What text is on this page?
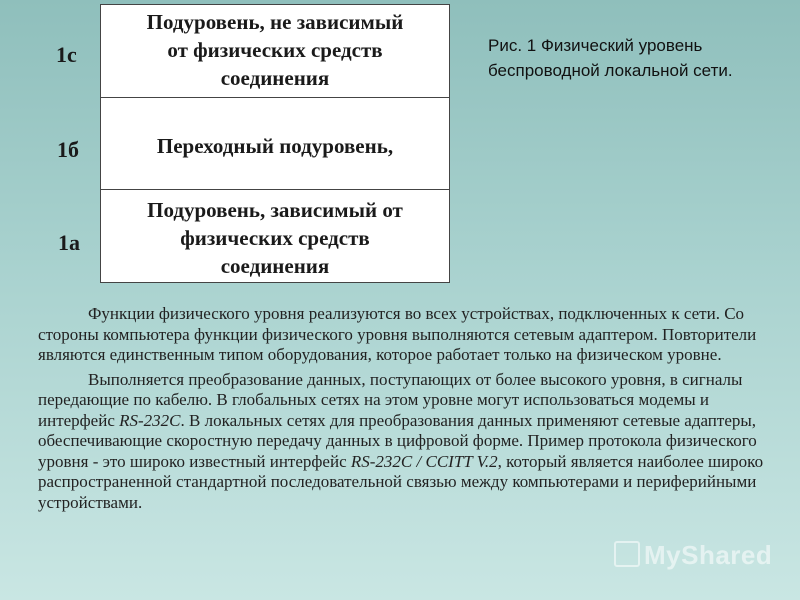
1с
1б
1а
Подуровень, не зависимый
от физических средств
соединения
Переходный подуровень,
Подуровень, зависимый от
физических средств
соединения
Рис. 1 Физический уровень беспроводной локальной сети.

Функции физического уровня реализуются во всех устройствах, подключенных к сети. Со стороны компьютера функции физического уровня выполняются сетевым адаптером. Повторители являются единственным типом оборудования, которое работает только на физическом уровне.

Выполняется преобразование данных, поступающих от более высокого уровня, в сигналы передающие по кабелю. В глобальных сетях на этом уровне могут использоваться модемы и интерфейс RS-232C. В локальных сетях для преобразования данных применяют сетевые адаптеры, обеспечивающие скоростную передачу данных в цифровой форме. Пример протокола физического уровня - это широко известный интерфейс RS-232C / CCITT V.2, который является наиболее широко распространенной стандартной последовательной связью между компьютерами и периферийными устройствами.

MyShared
